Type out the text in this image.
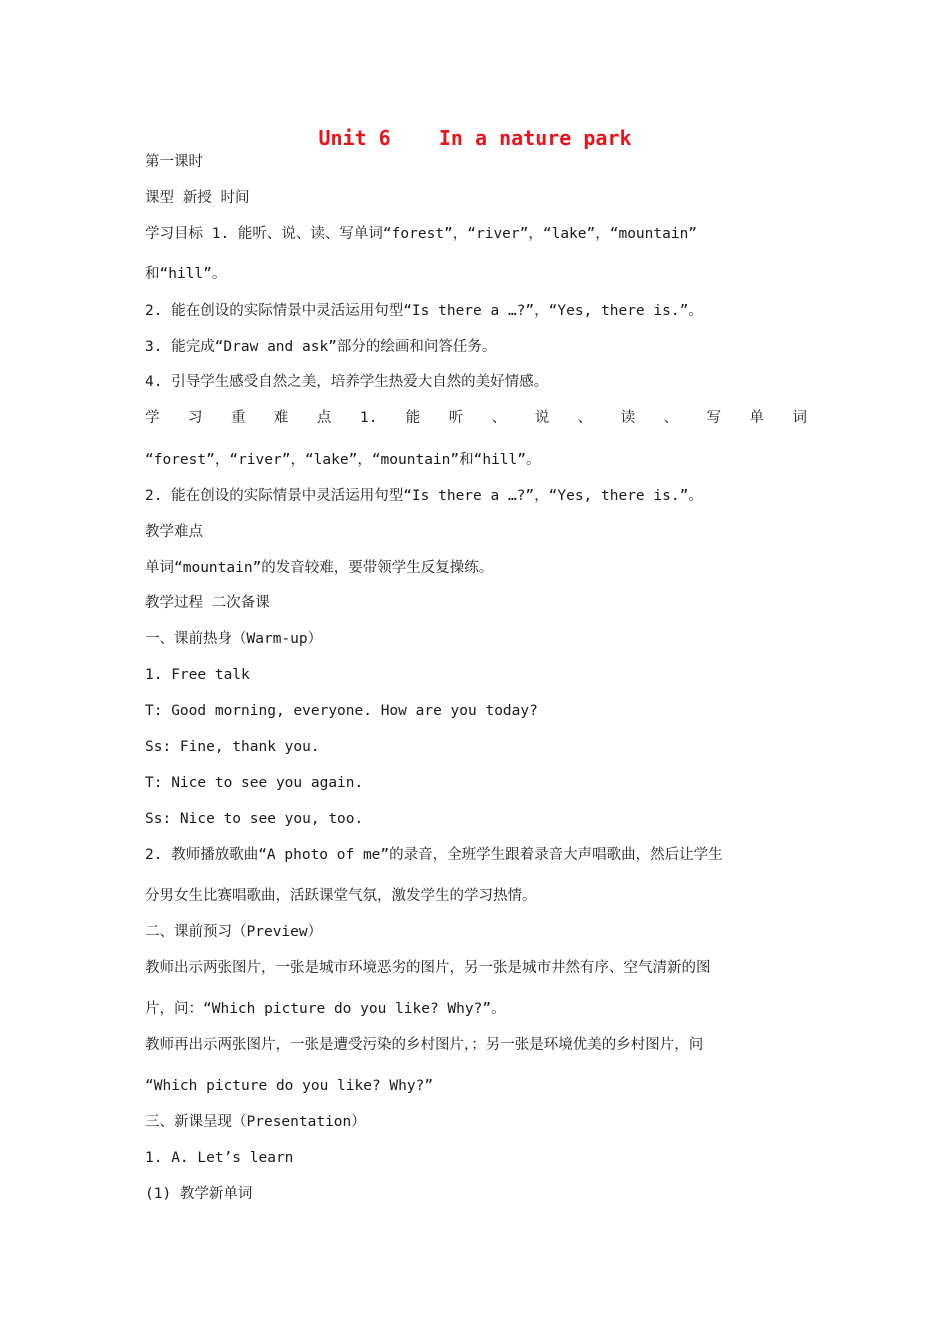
Unit 6    In a nature park
第一课时
课型 新授 时间
学习目标 1. 能听、说、读、写单词“forest”，“river”，“lake”，“mountain”
和“hill”。
2. 能在创设的实际情景中灵活运用句型“Is there a …?”，“Yes, there is.”。
3. 能完成“Draw and ask”部分的绘画和问答任务。
4. 引导学生感受自然之美，培养学生热爱大自然的美好情感。
学 习 重 难 点 1. 能 听 、 说 、 读 、 写 单 词
“forest”，“river”，“lake”，“mountain”和“hill”。
2. 能在创设的实际情景中灵活运用句型“Is there a …?”，“Yes, there is.”。
教学难点
单词“mountain”的发音较难，要带领学生反复操练。
教学过程 二次备课
一、课前热身（Warm-up）
1. Free talk
T: Good morning, everyone. How are you today?
Ss: Fine, thank you.
T: Nice to see you again.
Ss: Nice to see you, too.
2. 教师播放歌曲“A photo of me”的录音，全班学生跟着录音大声唱歌曲，然后让学生
分男女生比赛唱歌曲，活跃课堂气氛，激发学生的学习热情。
二、课前预习（Preview）
教师出示两张图片，一张是城市环境恶劣的图片，另一张是城市井然有序、空气清新的图
片，问：“Which picture do you like? Why?”。
教师再出示两张图片，一张是遭受污染的乡村图片，；另一张是环境优美的乡村图片，问
“Which picture do you like? Why?”
三、新课呈现（Presentation）
1. A. Let’s learn
(1) 教学新单词
